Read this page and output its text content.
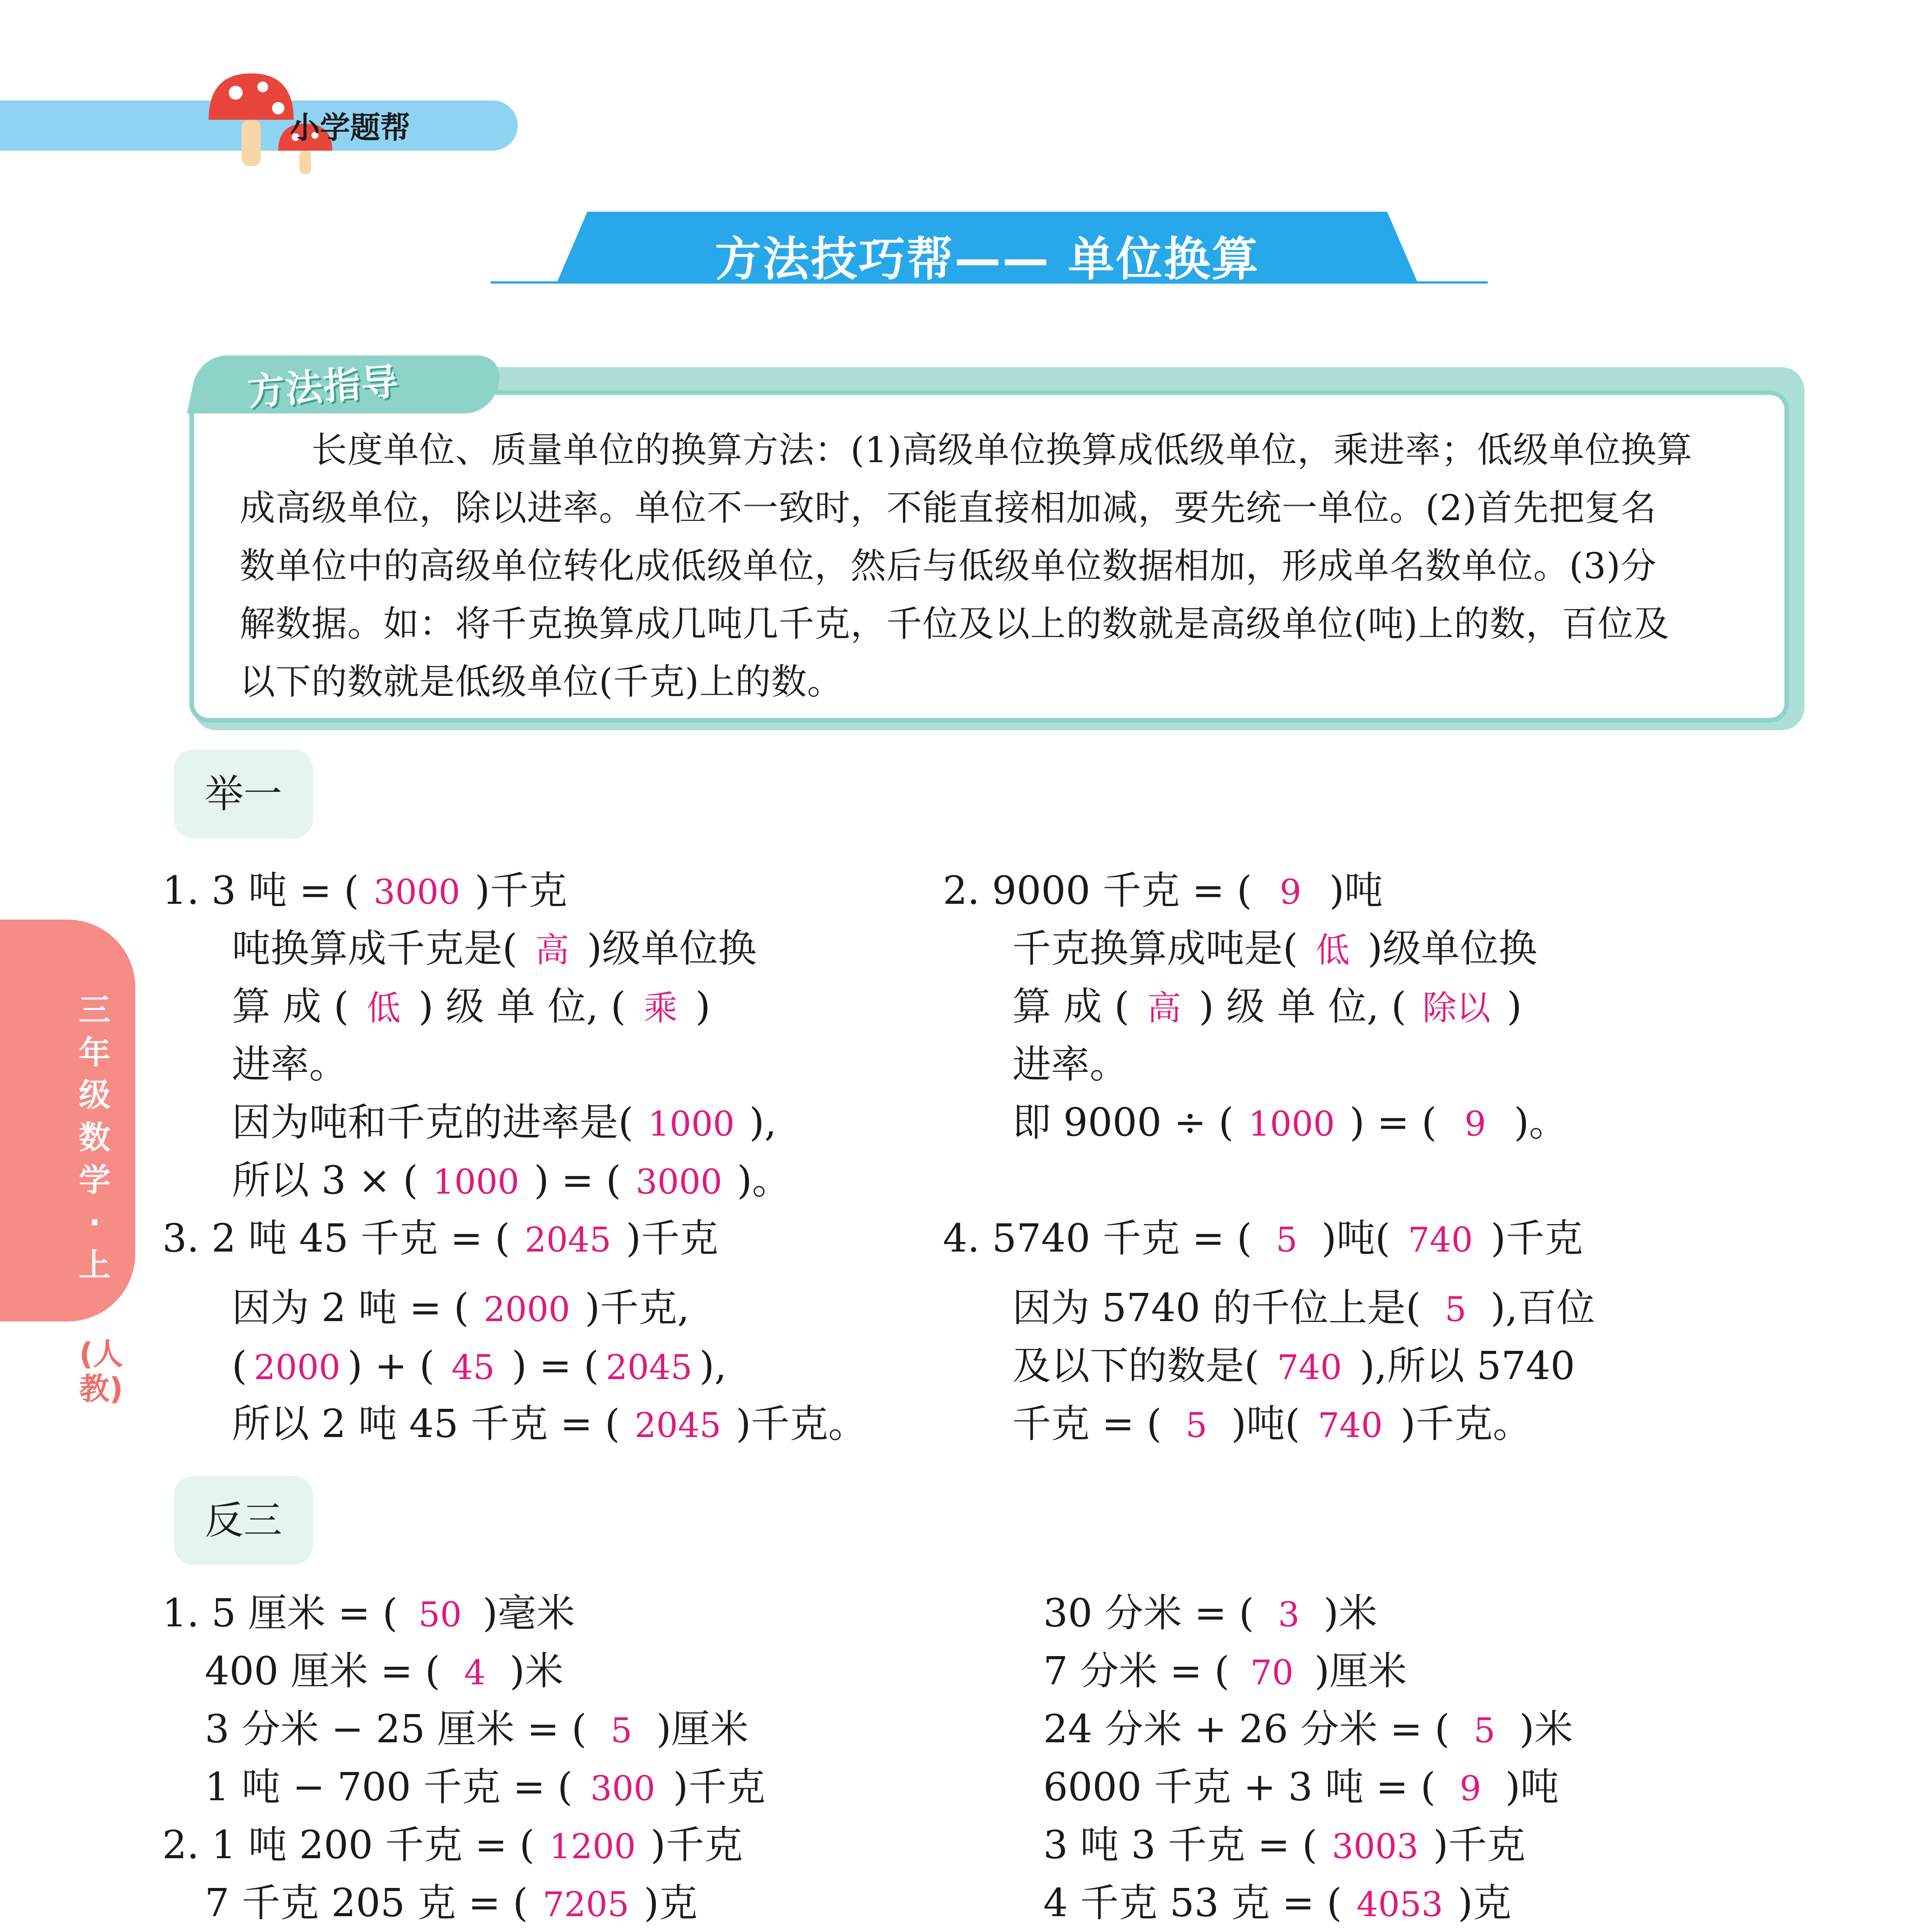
小学题帮
方法技巧帮—— 单位换算
方法指导
　　长度单位、质量单位的换算方法：(1)高级单位换算成低级单位，乘进率；低级单位换算
成高级单位，除以进率。单位不一致时，不能直接相加减，要先统一单位。(2)首先把复名
数单位中的高级单位转化成低级单位，然后与低级单位数据相加，形成单名数单位。(3)分
解数据。如：将千克换算成几吨几千克，千位及以上的数就是高级单位(吨)上的数，百位及
以下的数就是低级单位(千克)上的数。
三年级数学·上
(人教)
举一
1. 3 吨 = ( 3000 )千克
吨换算成千克是( 高 )级单位换
算 成 ( 低 ) 级 单 位, ( 乘 )
进率。
因为吨和千克的进率是( 1000 ),
所以 3 × ( 1000 ) = ( 3000 )。
2. 9000 千克 = ( 9 )吨
千克换算成吨是( 低 )级单位换
算 成 ( 高 ) 级 单 位, ( 除以 )
进率。
即 9000 ÷ ( 1000 ) = ( 9 )。
3. 2 吨 45 千克 = ( 2045 )千克
因为 2 吨 = ( 2000 )千克,
( 2000 ) + ( 45 ) = ( 2045 ),
所以 2 吨 45 千克 = ( 2045 )千克。
4. 5740 千克 = ( 5 )吨( 740 )千克
因为 5740 的千位上是( 5 ),百位
及以下的数是( 740 ),所以 5740
千克 = ( 5 )吨( 740 )千克。
反三
1. 5 厘米 = ( 50 )毫米
400 厘米 = ( 4 )米
3 分米 − 25 厘米 = ( 5 )厘米
1 吨 − 700 千克 = ( 300 )千克
2. 1 吨 200 千克 = ( 1200 )千克
7 千克 205 克 = ( 7205 )克
30 分米 = ( 3 )米
7 分米 = ( 70 )厘米
24 分米 + 26 分米 = ( 5 )米
6000 千克 + 3 吨 = ( 9 )吨
3 吨 3 千克 = ( 3003 )千克
4 千克 53 克 = ( 4053 )克
